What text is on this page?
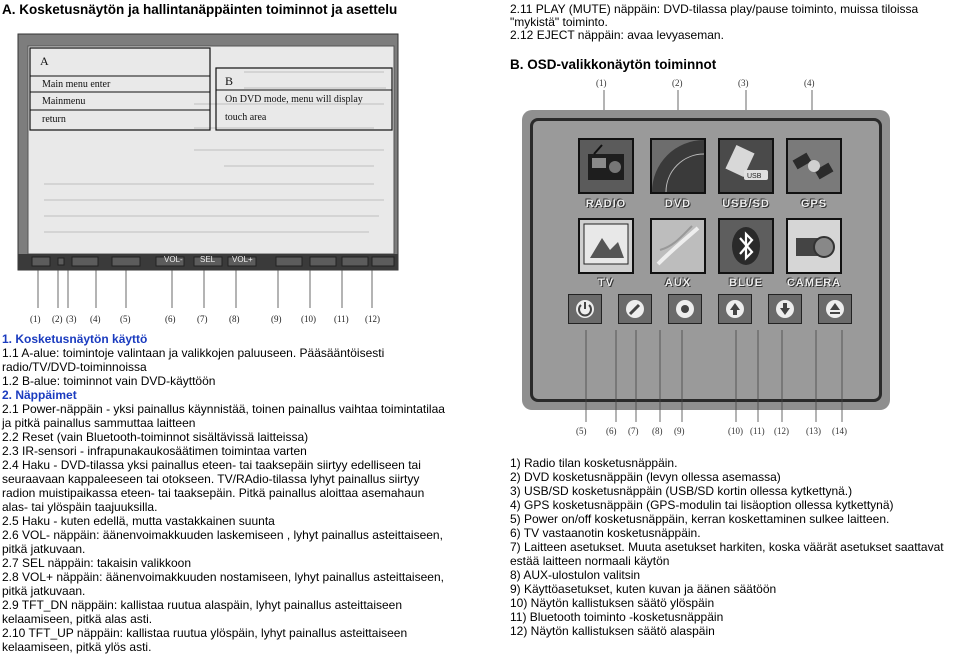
A. Kosketusnäytön ja hallintanäppäinten toiminnot ja asettelu
A
Main menu enter
Mainmenu
return
B
On DVD mode, menu will display
touch area
VOL- SEL VOL+
(1) (2) (3) (4) (5)	(6) (7) (8)	(9) (10) (11) (12)
1. Kosketusnäytön käyttö
1.1 A-alue: toimintoje valintaan ja valikkojen paluuseen. Pääsääntöisesti
radio/TV/DVD-toiminnoissa
1.2 B-alue: toiminnot vain DVD-käyttöön
2. Näppäimet
2.1 Power-näppäin - yksi painallus käynnistää, toinen painallus vaihtaa toimintatilaa
ja pitkä painallus sammuttaa laitteen
2.2 Reset (vain Bluetooth-toiminnot sisältävissä laitteissa)
2.3 IR-sensori - infrapunakaukosäätimen toimintaa varten
2.4 Haku - DVD-tilassa yksi painallus eteen- tai taaksepäin siirtyy edelliseen tai
seuraavaan kappaleeseen tai otokseen. TV/RAdio-tilassa lyhyt painallus siirtyy
radion muistipaikassa eteen- tai taaksepäin. Pitkä painallus aloittaa asemahaun
alas- tai ylöspäin taajuuksilla.
2.5 Haku - kuten edellä, mutta vastakkainen suunta
2.6 VOL- näppäin: äänenvoimakkuuden laskemiseen , lyhyt painallus asteittaiseen,
pitkä jatkuvaan.
2.7 SEL näppäin: takaisin valikkoon
2.8 VOL+ näppäin: äänenvoimakkuuden nostamiseen, lyhyt painallus asteittaiseen,
pitkä jatkuvaan.
2.9 TFT_DN näppäin: kallistaa ruutua alaspäin, lyhyt painallus asteittaiseen
kelaamiseen, pitkä alas asti.
2.10 TFT_UP näppäin: kallistaa ruutua ylöspäin, lyhyt painallus asteittaiseen
kelaamiseen, pitkä ylös asti.
2.11 PLAY (MUTE) näppäin: DVD-tilassa play/pause toiminto, muissa tiloissa
"mykistä" toiminto.
2.12 EJECT näppäin: avaa levyaseman.
B. OSD-valikkonäytön toiminnot
(1)	(2)	(3)	(4)
USB
RADIO	DVD	USB/SD	GPS
TV	AUX	BLUE	CAMERA
(5) (6) (7) (8) (9)	(10) (11) (12) (13) (14)
1) Radio tilan kosketusnäppäin.
2) DVD kosketusnäppäin (levyn ollessa asemassa)
3) USB/SD kosketusnäppäin (USB/SD kortin ollessa kytkettynä.)
4) GPS kosketusnäppäin (GPS-modulin tai lisäoption ollessa kytkettynä)
5) Power on/off kosketusnäppäin, kerran koskettaminen sulkee laitteen.
6) TV vastaanotin kosketusnäppäin.
7) Laitteen asetukset. Muuta asetukset harkiten, koska väärät asetukset saattavat
estää laitteen normaali käytön
8) AUX-ulostulon valitsin
9) Käyttöasetukset, kuten kuvan ja äänen säätöön
10) Näytön kallistuksen säätö ylöspäin
11) Bluetooth toiminto -kosketusnäppäin
12) Näytön kallistuksen säätö alaspäin
